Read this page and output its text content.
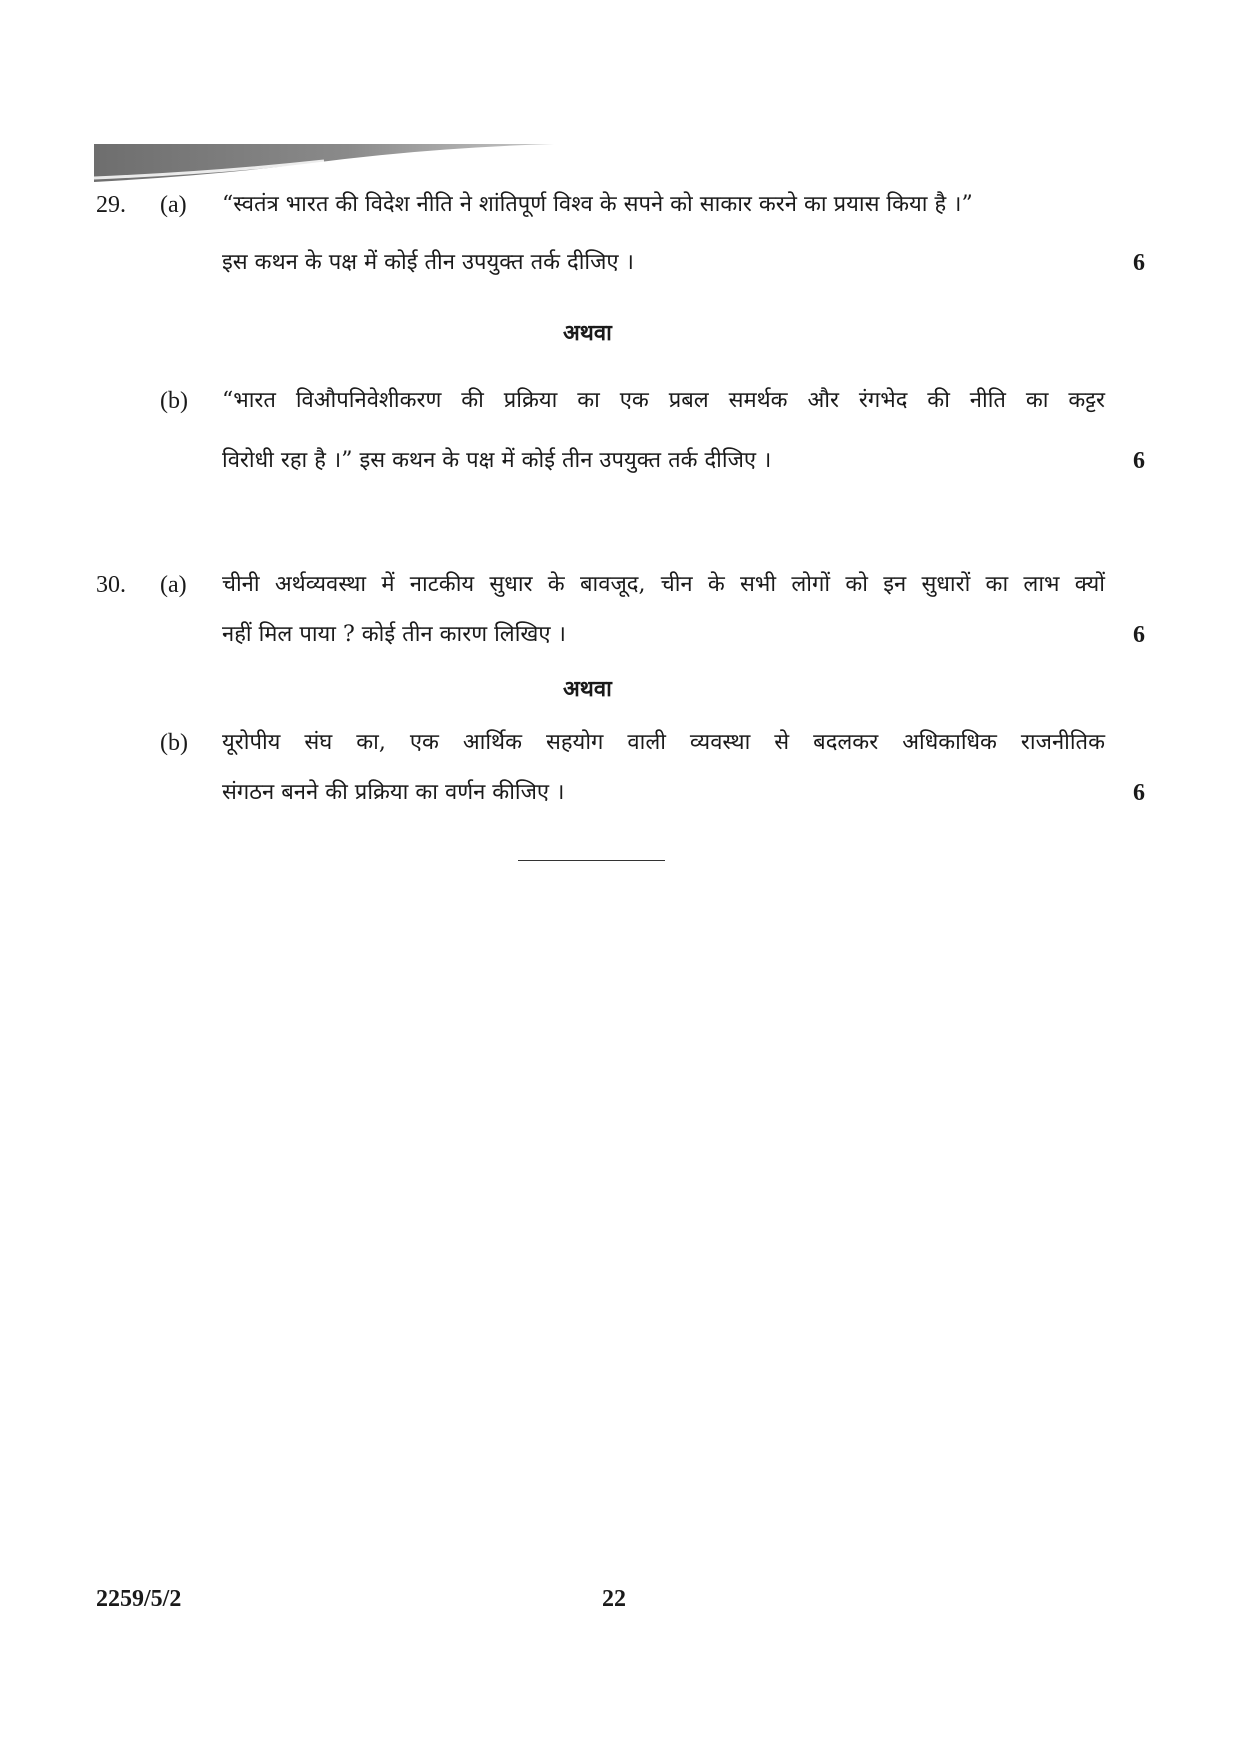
29. (a) “स्वतंत्र भारत की विदेश नीति ने शांतिपूर्ण विश्व के सपने को साकार करने का प्रयास किया है ।”
इस कथन के पक्ष में कोई तीन उपयुक्त तर्क दीजिए ।	6
अथवा
(b) “भारत विऔपनिवेशीकरण की प्रक्रिया का एक प्रबल समर्थक और रंगभेद की नीति का कट्टर
विरोधी रहा है ।” इस कथन के पक्ष में कोई तीन उपयुक्त तर्क दीजिए ।	6
30. (a) चीनी अर्थव्यवस्था में नाटकीय सुधार के बावजूद, चीन के सभी लोगों को इन सुधारों का लाभ क्यों
नहीं मिल पाया ? कोई तीन कारण लिखिए ।	6
अथवा
(b) यूरोपीय संघ का, एक आर्थिक सहयोग वाली व्यवस्था से बदलकर अधिकाधिक राजनीतिक
संगठन बनने की प्रक्रिया का वर्णन कीजिए ।	6
2259/5/2	22
